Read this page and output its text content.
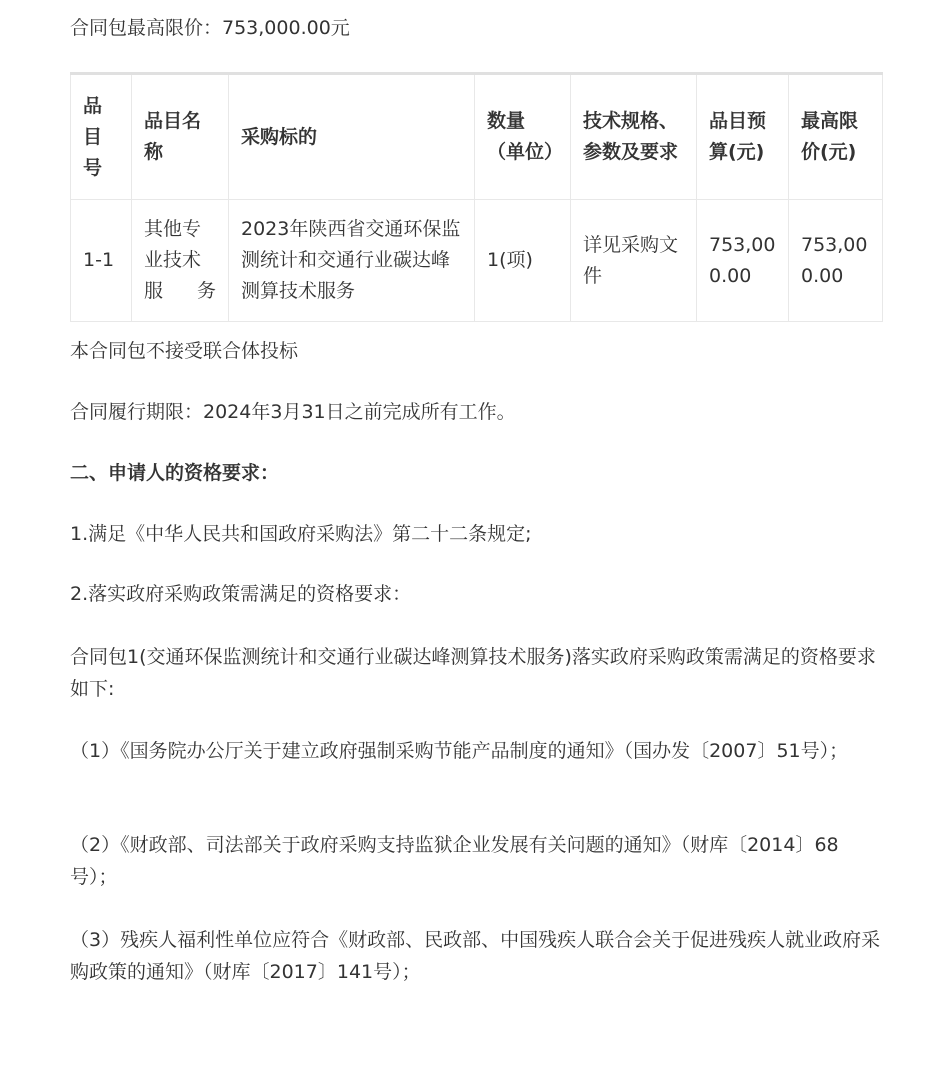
合同包最高限价：753,000.00元

品目号	品目名称	采购标的	数量（单位）	技术规格、参数及要求	品目预算(元)	最高限价(元)
1-1	其他专业技术服务	2023年陕西省交通环保监测统计和交通行业碳达峰测算技术服务	1(项)	详见采购文件	753,000.00	753,000.00

本合同包不接受联合体投标

合同履行期限：2024年3月31日之前完成所有工作。

二、申请人的资格要求：

1.满足《中华人民共和国政府采购法》第二十二条规定;

2.落实政府采购政策需满足的资格要求：

合同包1(交通环保监测统计和交通行业碳达峰测算技术服务)落实政府采购政策需满足的资格要求如下:

（1）《国务院办公厅关于建立政府强制采购节能产品制度的通知》（国办发〔2007〕51号）；

（2）《财政部、司法部关于政府采购支持监狱企业发展有关问题的通知》（财库〔2014〕68号）；

（3）残疾人福利性单位应符合《财政部、民政部、中国残疾人联合会关于促进残疾人就业政府采购政策的通知》（财库〔2017〕141号）；
